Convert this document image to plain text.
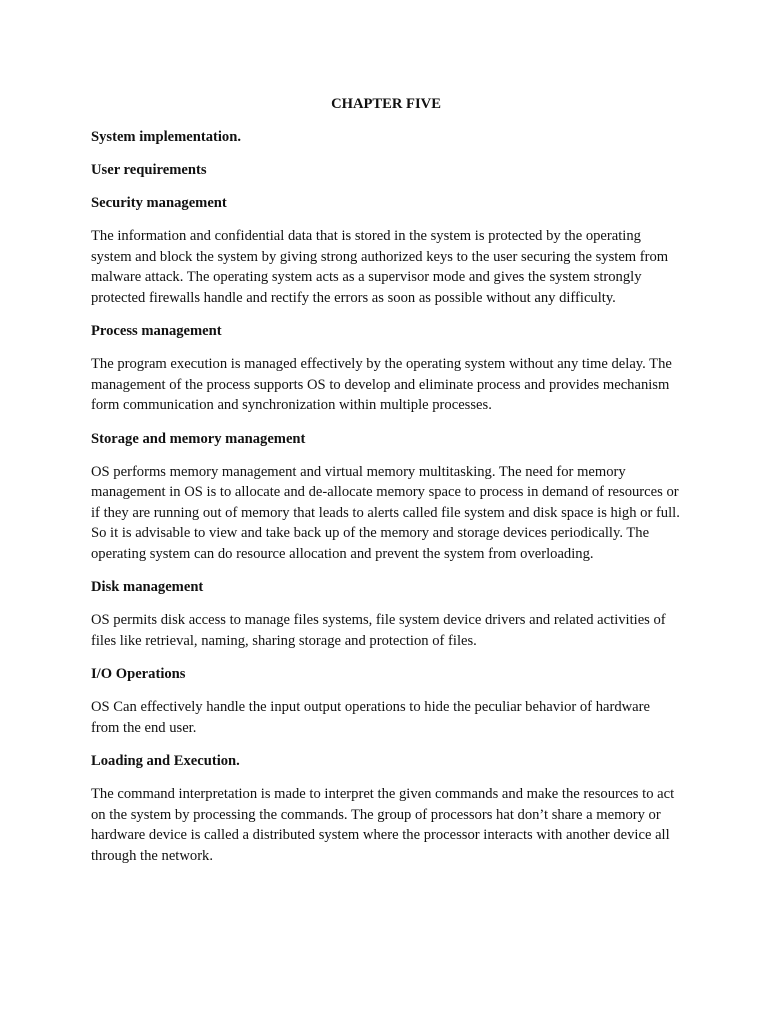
CHAPTER FIVE
System implementation.
User requirements
Security management

The information and confidential data that is stored in the system is protected by the operating system and block the system by giving strong authorized keys to the user securing the system from malware attack. The operating system acts as a supervisor mode and gives the system strongly protected firewalls handle and rectify the errors as soon as possible without any difficulty.

Process management

The program execution is managed effectively by the operating system without any time delay. The management of the process supports OS to develop and eliminate process and provides mechanism form communication and synchronization within multiple processes.

Storage and memory management

OS performs memory management and virtual memory multitasking. The need for memory management in OS is to allocate and de-allocate memory space to process in demand of resources or if they are running out of memory that leads to alerts called file system and disk space is high or full. So it is advisable to view and take back up of the memory and storage devices periodically. The operating system can do resource allocation and prevent the system from overloading.

Disk management

OS permits disk access to manage files systems, file system device drivers and related activities of files like retrieval, naming, sharing storage and protection of files.

I/O Operations

OS Can effectively handle the input output operations to hide the peculiar behavior of hardware from the end user.

Loading and Execution.

The command interpretation is made to interpret the given commands and make the resources to act on the system by processing the commands. The group of processors hat don’t share a memory or hardware device is called a distributed system where the processor interacts with another device all through the network.
